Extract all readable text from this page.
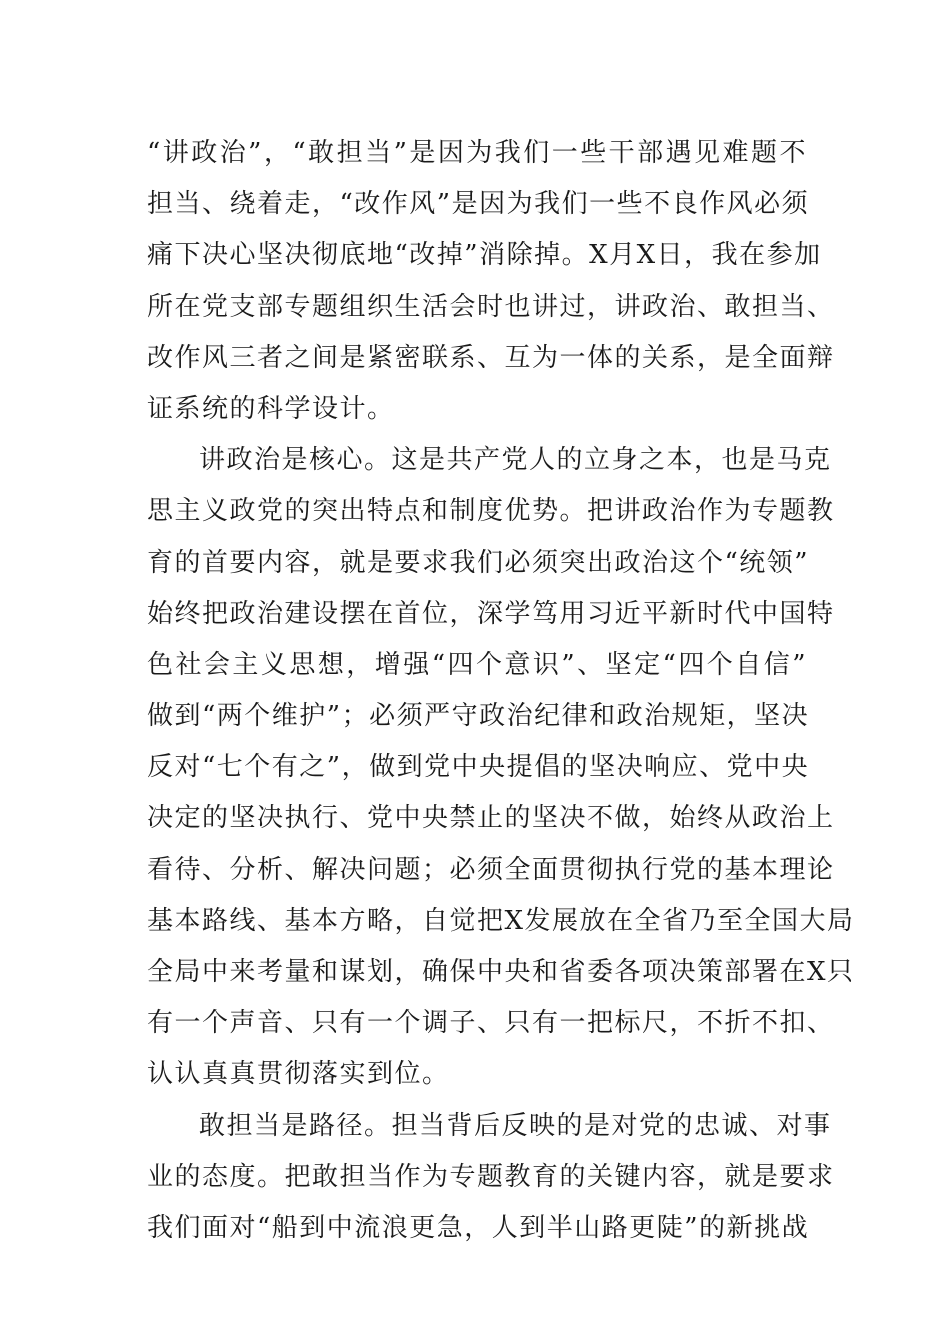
“讲政治”，“敢担当”是因为我们一些干部遇见难题不
担当、绕着走，“改作风”是因为我们一些不良作风必须
痛下决心坚决彻底地“改掉”消除掉。X月X日，我在参加
所在党支部专题组织生活会时也讲过，讲政治、敢担当、
改作风三者之间是紧密联系、互为一体的关系，是全面辩
证系统的科学设计。
讲政治是核心。这是共产党人的立身之本，也是马克
思主义政党的突出特点和制度优势。把讲政治作为专题教
育的首要内容，就是要求我们必须突出政治这个“统领”
始终把政治建设摆在首位，深学笃用习近平新时代中国特
色社会主义思想，增强“四个意识”、坚定“四个自信”
做到“两个维护”；必须严守政治纪律和政治规矩，坚决
反对“七个有之”，做到党中央提倡的坚决响应、党中央
决定的坚决执行、党中央禁止的坚决不做，始终从政治上
看待、分析、解决问题；必须全面贯彻执行党的基本理论
基本路线、基本方略，自觉把X发展放在全省乃至全国大局
全局中来考量和谋划，确保中央和省委各项决策部署在X只
有一个声音、只有一个调子、只有一把标尺，不折不扣、
认认真真贯彻落实到位。
敢担当是路径。担当背后反映的是对党的忠诚、对事
业的态度。把敢担当作为专题教育的关键内容，就是要求
我们面对“船到中流浪更急，人到半山路更陡”的新挑战
